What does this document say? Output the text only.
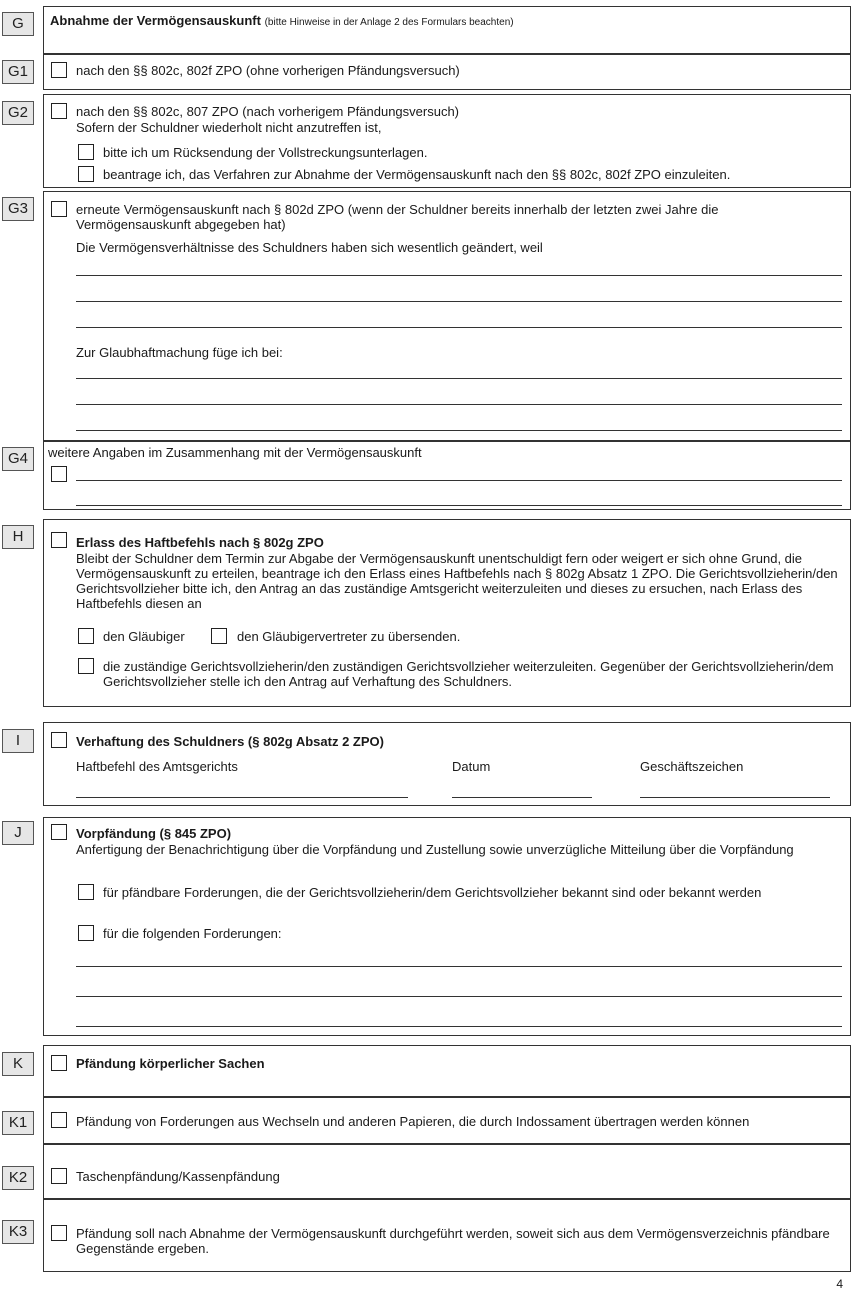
G	Abnahme der Vermögensauskunft (bitte Hinweise in der Anlage 2 des Formulars beachten)
G1	nach den §§ 802c, 802f ZPO (ohne vorherigen Pfändungsversuch)
G2	nach den §§ 802c, 807 ZPO (nach vorherigem Pfändungsversuch)
Sofern der Schuldner wiederholt nicht anzutreffen ist,
bitte ich um Rücksendung der Vollstreckungsunterlagen.
beantrage ich, das Verfahren zur Abnahme der Vermögensauskunft nach den §§ 802c, 802f ZPO einzuleiten.
G3	erneute Vermögensauskunft nach § 802d ZPO (wenn der Schuldner bereits innerhalb der letzten zwei Jahre die Vermögensauskunft abgegeben hat)
Die Vermögensverhältnisse des Schuldners haben sich wesentlich geändert, weil
Zur Glaubhaftmachung füge ich bei:
G4	weitere Angaben im Zusammenhang mit der Vermögensauskunft
H	Erlass des Haftbefehls nach § 802g ZPO
Bleibt der Schuldner dem Termin zur Abgabe der Vermögensauskunft unentschuldigt fern oder weigert er sich ohne Grund, die Vermögensauskunft zu erteilen, beantrage ich den Erlass eines Haftbefehls nach § 802g Absatz 1 ZPO. Die Gerichtsvollzieherin/den Gerichtsvollzieher bitte ich, den Antrag an das zuständige Amtsgericht weiterzuleiten und dieses zu ersuchen, nach Erlass des Haftbefehls diesen an
den Gläubiger	den Gläubigervertreter zu übersenden.
die zuständige Gerichtsvollzieherin/den zuständigen Gerichtsvollzieher weiterzuleiten. Gegenüber der Gerichtsvollzieherin/dem Gerichtsvollzieher stelle ich den Antrag auf Verhaftung des Schuldners.
I	Verhaftung des Schuldners (§ 802g Absatz 2 ZPO)
Haftbefehl des Amtsgerichts	Datum	Geschäftszeichen
J	Vorpfändung (§ 845 ZPO)
Anfertigung der Benachrichtigung über die Vorpfändung und Zustellung sowie unverzügliche Mitteilung über die Vorpfändung
für pfändbare Forderungen, die der Gerichtsvollzieherin/dem Gerichtsvollzieher bekannt sind oder bekannt werden
für die folgenden Forderungen:
K	Pfändung körperlicher Sachen
K1	Pfändung von Forderungen aus Wechseln und anderen Papieren, die durch Indossament übertragen werden können
K2	Taschenpfändung/Kassenpfändung
K3	Pfändung soll nach Abnahme der Vermögensauskunft durchgeführt werden, soweit sich aus dem Vermögensverzeichnis pfändbare Gegenstände ergeben.
4
